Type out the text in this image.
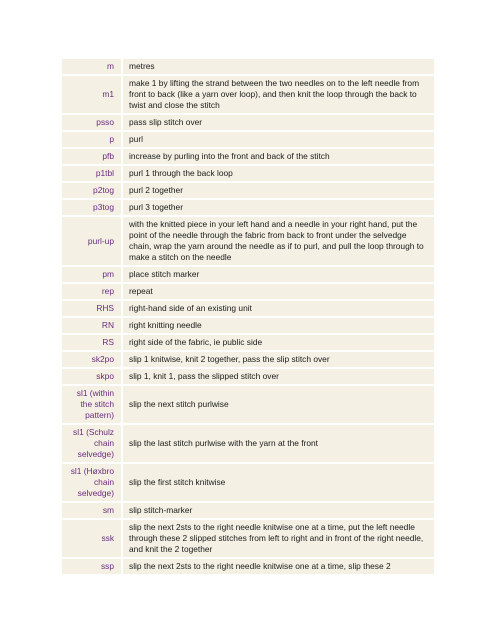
m	metres
m1	make 1 by lifting the strand between the two needles on to the left needle from front to back (like a yarn over loop), and then knit the loop through the back to twist and close the stitch
psso	pass slip stitch over
p	purl
pfb	increase by purling into the front and back of the stitch
p1tbl	purl 1 through the back loop
p2tog	purl 2 together
p3tog	purl 3 together
purl-up	with the knitted piece in your left hand and a needle in your right hand, put the point of the needle through the fabric from back to front under the selvedge chain, wrap the yarn around the needle as if to purl, and pull the loop through to make a stitch on the needle
pm	place stitch marker
rep	repeat
RHS	right-hand side of an existing unit
RN	right knitting needle
RS	right side of the fabric, ie public side
sk2po	slip 1 knitwise, knit 2 together, pass the slip stitch over
skpo	slip 1, knit 1, pass the slipped stitch over
sl1 (within the stitch pattern)	slip the next stitch purlwise
sl1 (Schulz chain selvedge)	slip the last stitch purlwise with the yarn at the front
sl1 (Høxbro chain selvedge)	slip the first stitch knitwise
sm	slip stitch-marker
ssk	slip the next 2sts to the right needle knitwise one at a time, put the left needle through these 2 slipped stitches from left to right and in front of the right needle, and knit the 2 together
ssp	slip the next 2sts to the right needle knitwise one at a time, slip these 2
